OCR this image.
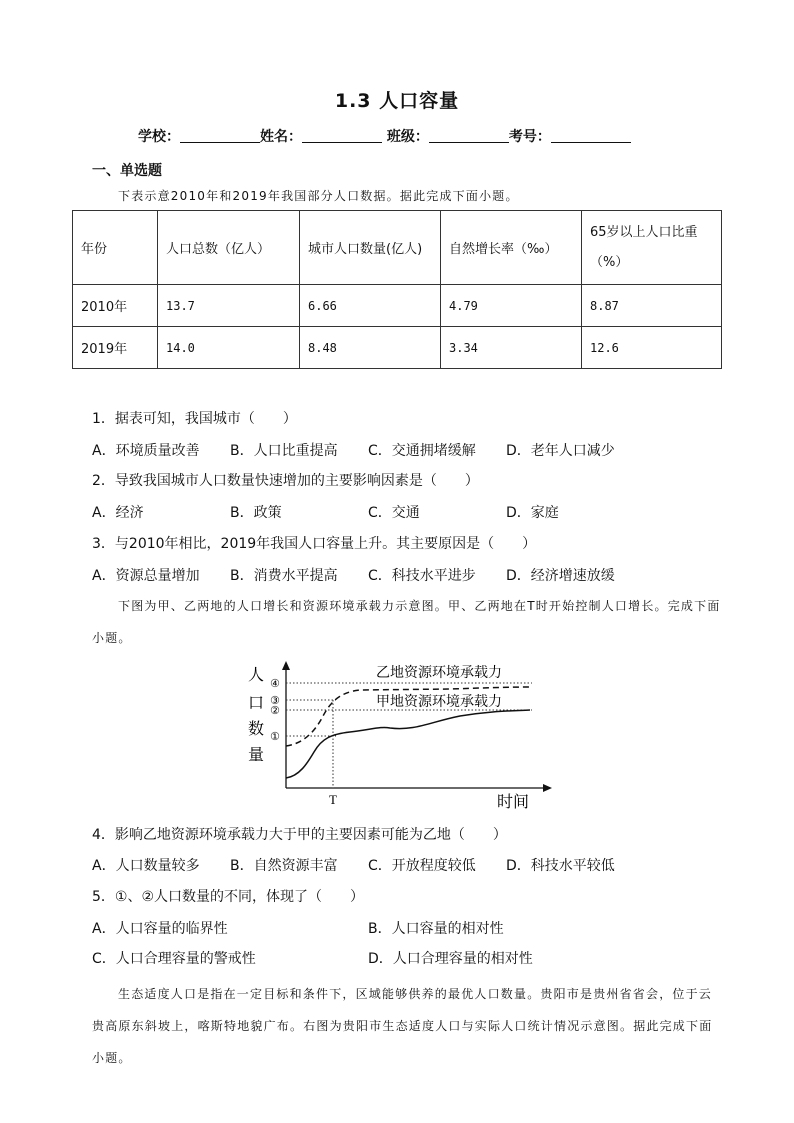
1.3 人口容量
学校：	姓名：	班级：	考号：
一、单选题
下表示意2010年和2019年我国部分人口数据。据此完成下面小题。
年份	人口总数（亿人）	城市人口数量(亿人)	自然增长率（‰）	65岁以上人口比重（%）
2010年	13.7	6.66	4.79	8.87
2019年	14.0	8.48	3.34	12.6
1．据表可知，我国城市（　　）
A．环境质量改善 B．人口比重提高 C．交通拥堵缓解 D．老年人口减少
2．导致我国城市人口数量快速增加的主要影响因素是（　　）
A．经济	B．政策	C．交通	D．家庭
3．与2010年相比，2019年我国人口容量上升。其主要原因是（　　）
A．资源总量增加 B．消费水平提高 C．科技水平进步 D．经济增速放缓
下图为甲、乙两地的人口增长和资源环境承载力示意图。甲、乙两地在T时开始控制人口增长。完成下面小题。
人
口
数
量
④
③
②
①
乙地资源环境承载力
甲地资源环境承载力
T	时间
4．影响乙地资源环境承载力大于甲的主要因素可能为乙地（　　）
A．人口数量较多 B．自然资源丰富 C．开放程度较低 D．科技水平较低
5．①、②人口数量的不同，体现了（　　）
A．人口容量的临界性	B．人口容量的相对性
C．人口合理容量的警戒性	D．人口合理容量的相对性
生态适度人口是指在一定目标和条件下，区域能够供养的最优人口数量。贵阳市是贵州省省会，位于云贵高原东斜坡上，喀斯特地貌广布。右图为贵阳市生态适度人口与实际人口统计情况示意图。据此完成下面小题。
